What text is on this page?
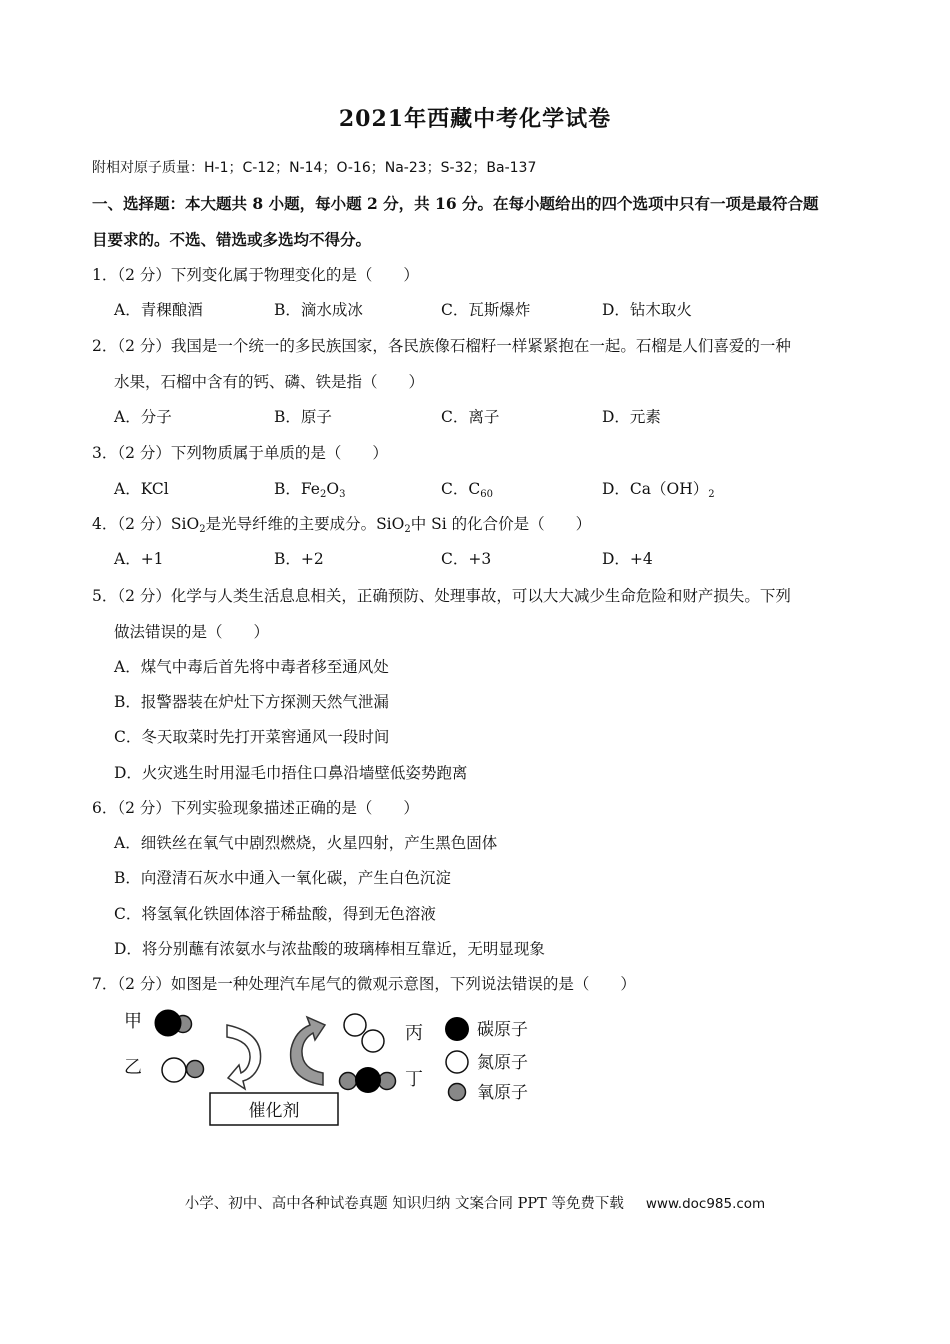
2021年西藏中考化学试卷
附相对原子质量：H-1；C-12；N-14；O-16；Na-23；S-32；Ba-137
一、选择题：本大题共 8 小题，每小题 2 分，共 16 分。在每小题给出的四个选项中只有一项是最符合题
目要求的。不选、错选或多选均不得分。
1．（2 分）下列变化属于物理变化的是（　　）
A．青稞酿酒	B．滴水成冰	C．瓦斯爆炸	D．钻木取火
2．（2 分）我国是一个统一的多民族国家，各民族像石榴籽一样紧紧抱在一起。石榴是人们喜爱的一种
水果，石榴中含有的钙、磷、铁是指（　　）
A．分子	B．原子	C．离子	D．元素
3．（2 分）下列物质属于单质的是（　　）
A．KCl	B．$Fe_2O_3$	C．$C_{60}$	D．$Ca(OH)_2$
4．（2 分）SiO$_2$是光导纤维的主要成分。SiO$_2$中 Si 的化合价是（　　）
A．+1	B．+2	C．+3	D．+4
5．（2 分）化学与人类生活息息相关，正确预防、处理事故，可以大大减少生命危险和财产损失。下列
做法错误的是（　　）
A．煤气中毒后首先将中毒者移至通风处
B．报警器装在炉灶下方探测天然气泄漏
C．冬天取菜时先打开菜窖通风一段时间
D．火灾逃生时用湿毛巾捂住口鼻沿墙壁低姿势跑离
6．（2 分）下列实验现象描述正确的是（　　）
A．细铁丝在氧气中剧烈燃烧，火星四射，产生黑色固体
B．向澄清石灰水中通入一氧化碳，产生白色沉淀
C．将氢氧化铁固体溶于稀盐酸，得到无色溶液
D．将分别蘸有浓氨水与浓盐酸的玻璃棒相互靠近，无明显现象
7．（2 分）如图是一种处理汽车尾气的微观示意图，下列说法错误的是（　　）
甲
乙
丙
丁
催化剂
碳原子
氮原子
氧原子
小学、初中、高中各种试卷真题 知识归纳 文案合同 PPT 等免费下载 www.doc985.com
